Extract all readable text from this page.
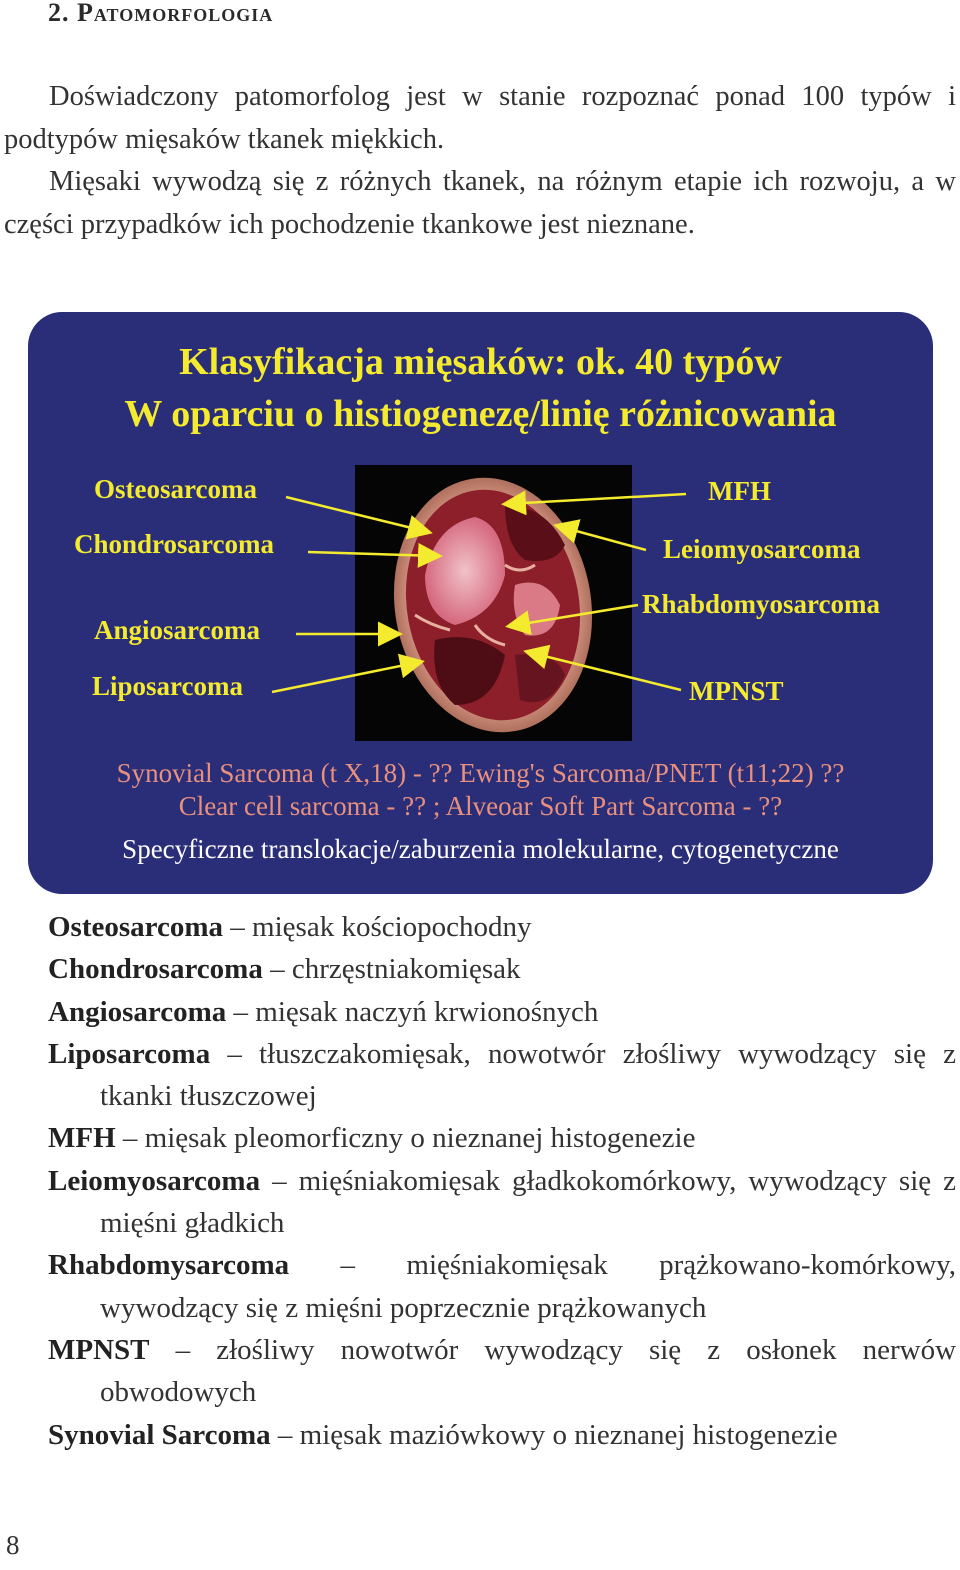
2. Patomorfologia

Doświadczony patomorfolog jest w stanie rozpoznać ponad 100 typów i podtypów mięsaków tkanek miękkich.

Mięsaki wywodzą się z różnych tkanek, na różnym etapie ich rozwoju, a w części przypadków ich pochodzenie tkankowe jest nieznane.

Klasyfikacja mięsaków: ok. 40 typów
W oparciu o histiogenezę/linię różnicowania
Osteosarcoma
Chondrosarcoma
Angiosarcoma
Liposarcoma
MFH
Leiomyosarcoma
Rhabdomyosarcoma
MPNST
Synovial Sarcoma (t X,18) - ?? Ewing's Sarcoma/PNET (t11;22) ??
Clear cell sarcoma - ?? ; Alveoar Soft Part Sarcoma - ??
Specyficzne translokacje/zaburzenia molekularne, cytogenetyczne
Osteosarcoma – mięsak kościopochodny
Chondrosarcoma – chrzęstniakomięsak
Angiosarcoma – mięsak naczyń krwionośnych
Liposarcoma – tłuszczakomięsak, nowotwór złośliwy wywodzący się z tkanki tłuszczowej
MFH – mięsak pleomorficzny o nieznanej histogenezie
Leiomyosarcoma – mięśniakomięsak gładkokomórkowy, wywodzący się z mięśni gładkich
Rhabdomysarcoma – mięśniakomięsak prążkowano-komórkowy, wywodzący się z mięśni poprzecznie prążkowanych
MPNST – złośliwy nowotwór wywodzący się z osłonek nerwów obwodowych
Synovial Sarcoma – mięsak maziówkowy o nieznanej histogenezie
8
